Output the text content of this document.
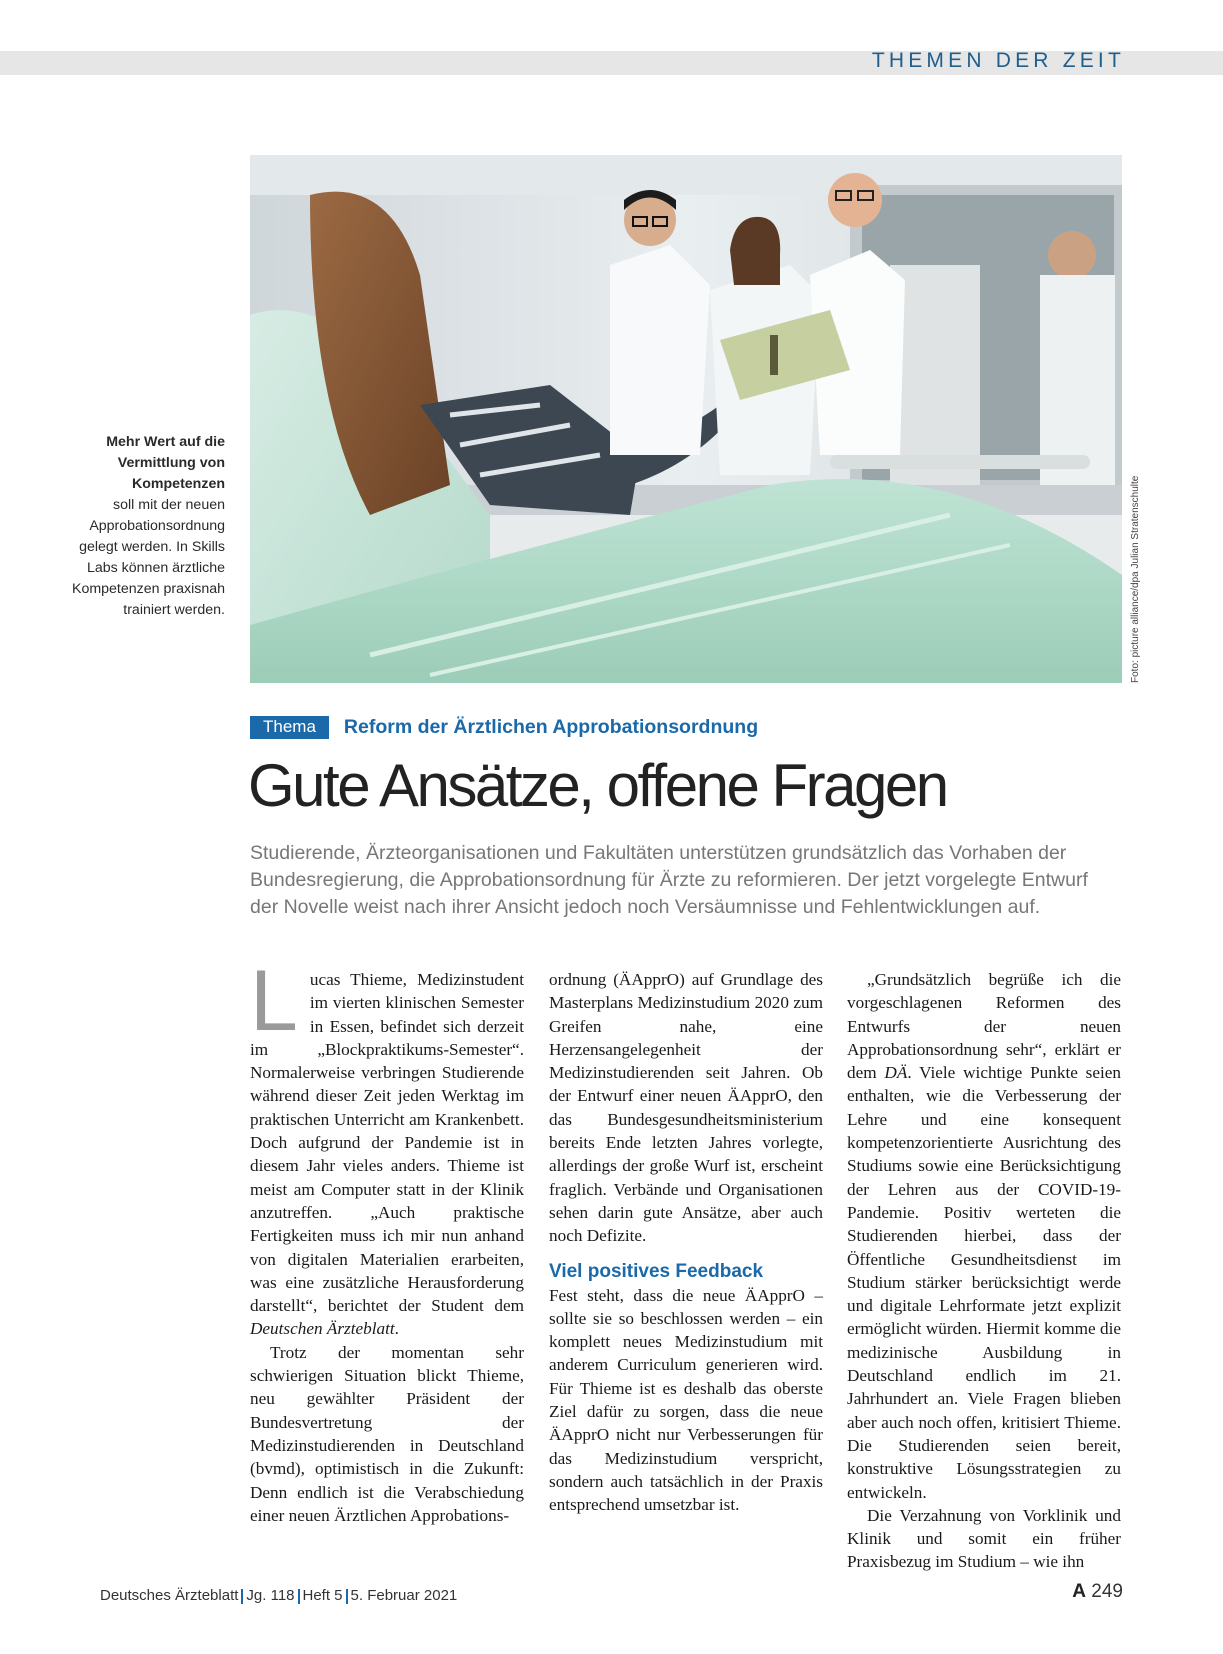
THEMEN DER ZEIT
Mehr Wert auf die Vermittlung von Kompetenzen
soll mit der neuen Approbationsordnung gelegt werden. In Skills Labs können ärztliche Kompetenzen praxisnah trainiert werden.	Foto: picture alliance/dpa Julian Stratenschulte
Thema Reform der Ärztlichen Approbationsordnung
Gute Ansätze, offene Fragen

Studierende, Ärzteorganisationen und Fakultäten unterstützen grundsätzlich das Vorhaben der Bundesregierung, die Approbationsordnung für Ärzte zu reformieren. Der jetzt vorgelegte Entwurf der Novelle weist nach ihrer Ansicht jedoch noch Versäumnisse und Fehlentwicklungen auf.

Lucas Thieme, Medizinstudent im vierten klinischen Semester in Essen, befindet sich derzeit im „Blockpraktikums-Semester“. Normalerweise verbringen Studierende während dieser Zeit jeden Werktag im praktischen Unterricht am Krankenbett. Doch aufgrund der Pandemie ist in diesem Jahr vieles anders. Thieme ist meist am Computer statt in der Klinik anzutreffen. „Auch praktische Fertigkeiten muss ich mir nun anhand von digitalen Materialien erarbeiten, was eine zusätzliche Herausforderung darstellt“, berichtet der Student dem Deutschen Ärzteblatt.

Trotz der momentan sehr schwierigen Situation blickt Thieme, neu gewählter Präsident der Bundesvertretung der Medizinstudierenden in Deutschland (bvmd), optimistisch in die Zukunft: Denn endlich ist die Verabschiedung einer neuen Ärztlichen Approbations-

ordnung (ÄApprO) auf Grundlage des Masterplans Medizinstudium 2020 zum Greifen nahe, eine Herzensangelegenheit der Medizinstudierenden seit Jahren. Ob der Entwurf einer neuen ÄApprO, den das Bundesgesundheitsministerium bereits Ende letzten Jahres vorlegte, allerdings der große Wurf ist, erscheint fraglich. Verbände und Organisationen sehen darin gute Ansätze, aber auch noch Defizite.

Viel positives Feedback

Fest steht, dass die neue ÄApprO – sollte sie so beschlossen werden – ein komplett neues Medizinstudium mit anderem Curriculum generieren wird. Für Thieme ist es deshalb das oberste Ziel dafür zu sorgen, dass die neue ÄApprO nicht nur Verbesserungen für das Medizinstudium verspricht, sondern auch tatsächlich in der Praxis entsprechend umsetzbar ist.

„Grundsätzlich begrüße ich die vorgeschlagenen Reformen des Entwurfs der neuen Approbationsordnung sehr“, erklärt er dem DÄ. Viele wichtige Punkte seien enthalten, wie die Verbesserung der Lehre und eine konsequent kompetenzorientierte Ausrichtung des Studiums sowie eine Berücksichtigung der Lehren aus der COVID-19-Pandemie. Positiv werteten die Studierenden hierbei, dass der Öffentliche Gesundheitsdienst im Studium stärker berücksichtigt werde und digitale Lehrformate jetzt explizit ermöglicht würden. Hiermit komme die medizinische Ausbildung in Deutschland endlich im 21. Jahrhundert an. Viele Fragen blieben aber auch noch offen, kritisiert Thieme. Die Studierenden seien bereit, konstruktive Lösungsstrategien zu entwickeln.

Die Verzahnung von Vorklinik und Klinik und somit ein früher Praxisbezug im Studium – wie ihn

Deutsches Ärzteblatt Jg. 118 Heft 5 5. Februar 2021	A 249
